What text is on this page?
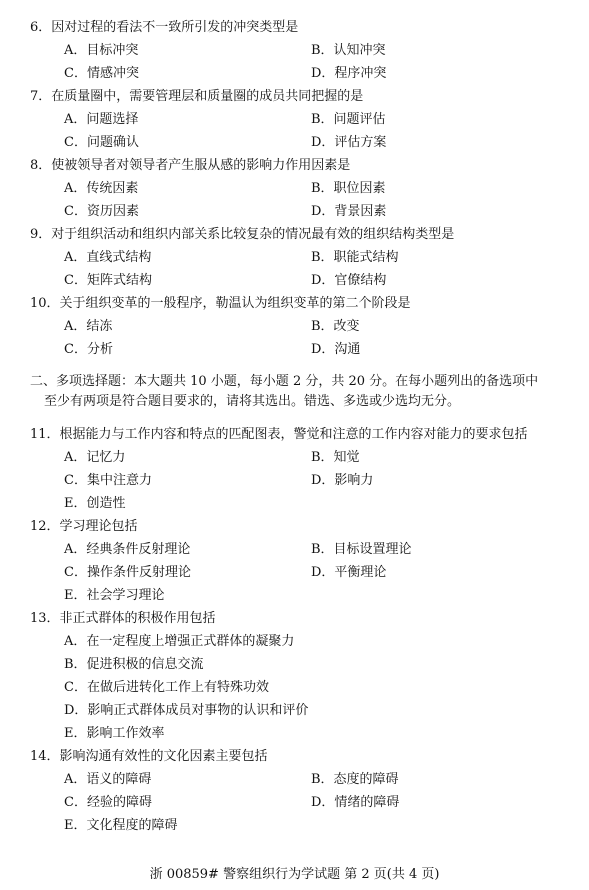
6．因对过程的看法不一致所引发的冲突类型是
A．目标冲突	B．认知冲突
C．情感冲突	D．程序冲突
7．在质量圈中，需要管理层和质量圈的成员共同把握的是
A．问题选择	B．问题评估
C．问题确认	D．评估方案
8．使被领导者对领导者产生服从感的影响力作用因素是
A．传统因素	B．职位因素
C．资历因素	D．背景因素
9．对于组织活动和组织内部关系比较复杂的情况最有效的组织结构类型是
A．直线式结构	B．职能式结构
C．矩阵式结构	D．官僚结构
10．关于组织变革的一般程序，勒温认为组织变革的第二个阶段是
A．结冻	B．改变
C．分析	D．沟通
二、多项选择题：本大题共 10 小题，每小题 2 分，共 20 分。在每小题列出的备选项中
至少有两项是符合题目要求的，请将其选出。错选、多选或少选均无分。
11．根据能力与工作内容和特点的匹配图表，警觉和注意的工作内容对能力的要求包括
A．记忆力	B．知觉
C．集中注意力	D．影响力
E．创造性
12．学习理论包括
A．经典条件反射理论	B．目标设置理论
C．操作条件反射理论	D．平衡理论
E．社会学习理论
13．非正式群体的积极作用包括
A．在一定程度上增强正式群体的凝聚力
B．促进积极的信息交流
C．在做后进转化工作上有特殊功效
D．影响正式群体成员对事物的认识和评价
E．影响工作效率
14．影响沟通有效性的文化因素主要包括
A．语义的障碍	B．态度的障碍
C．经验的障碍	D．情绪的障碍
E．文化程度的障碍
浙 00859# 警察组织行为学试题 第 2 页(共 4 页)
